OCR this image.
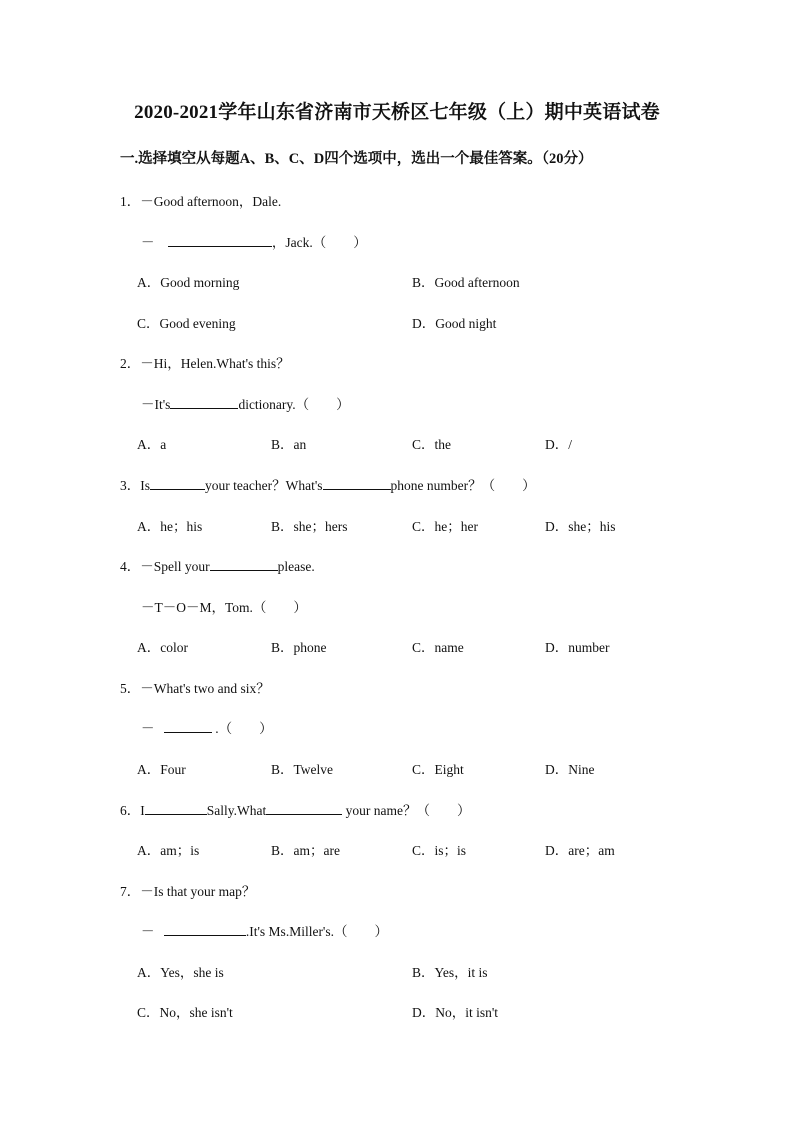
2020-2021学年山东省济南市天桥区七年级（上）期中英语试卷
一.选择填空从每题A、B、C、D四个选项中，选出一个最佳答案。（20分）
1．－Good afternoon，Dale.
－	，Jack.（　　）
A．Good morning	B．Good afternoon
C．Good evening	D．Good night
2．－Hi，Helen.What's this？
－It's	dictionary.（　　）
A．a	B．an	C．the	D．/
3．Is	your teacher？What's	phone number？（　　）
A．he；his	B．she；hers	C．he；her	D．she；his
4．－Spell your	please.
－T－O－M，Tom.（　　）
A．color	B．phone	C．name	D．number
5．－What's two and six？
－	.（　　）
A．Four	B．Twelve	C．Eight	D．Nine
6．I	Sally.What	your name？（　　）
A．am；is	B．am；are	C．is；is	D．are；am
7．－Is that your map？
－	.It's Ms.Miller's.（　　）
A．Yes，she is	B．Yes，it is
C．No，she isn't	D．No，it isn't
